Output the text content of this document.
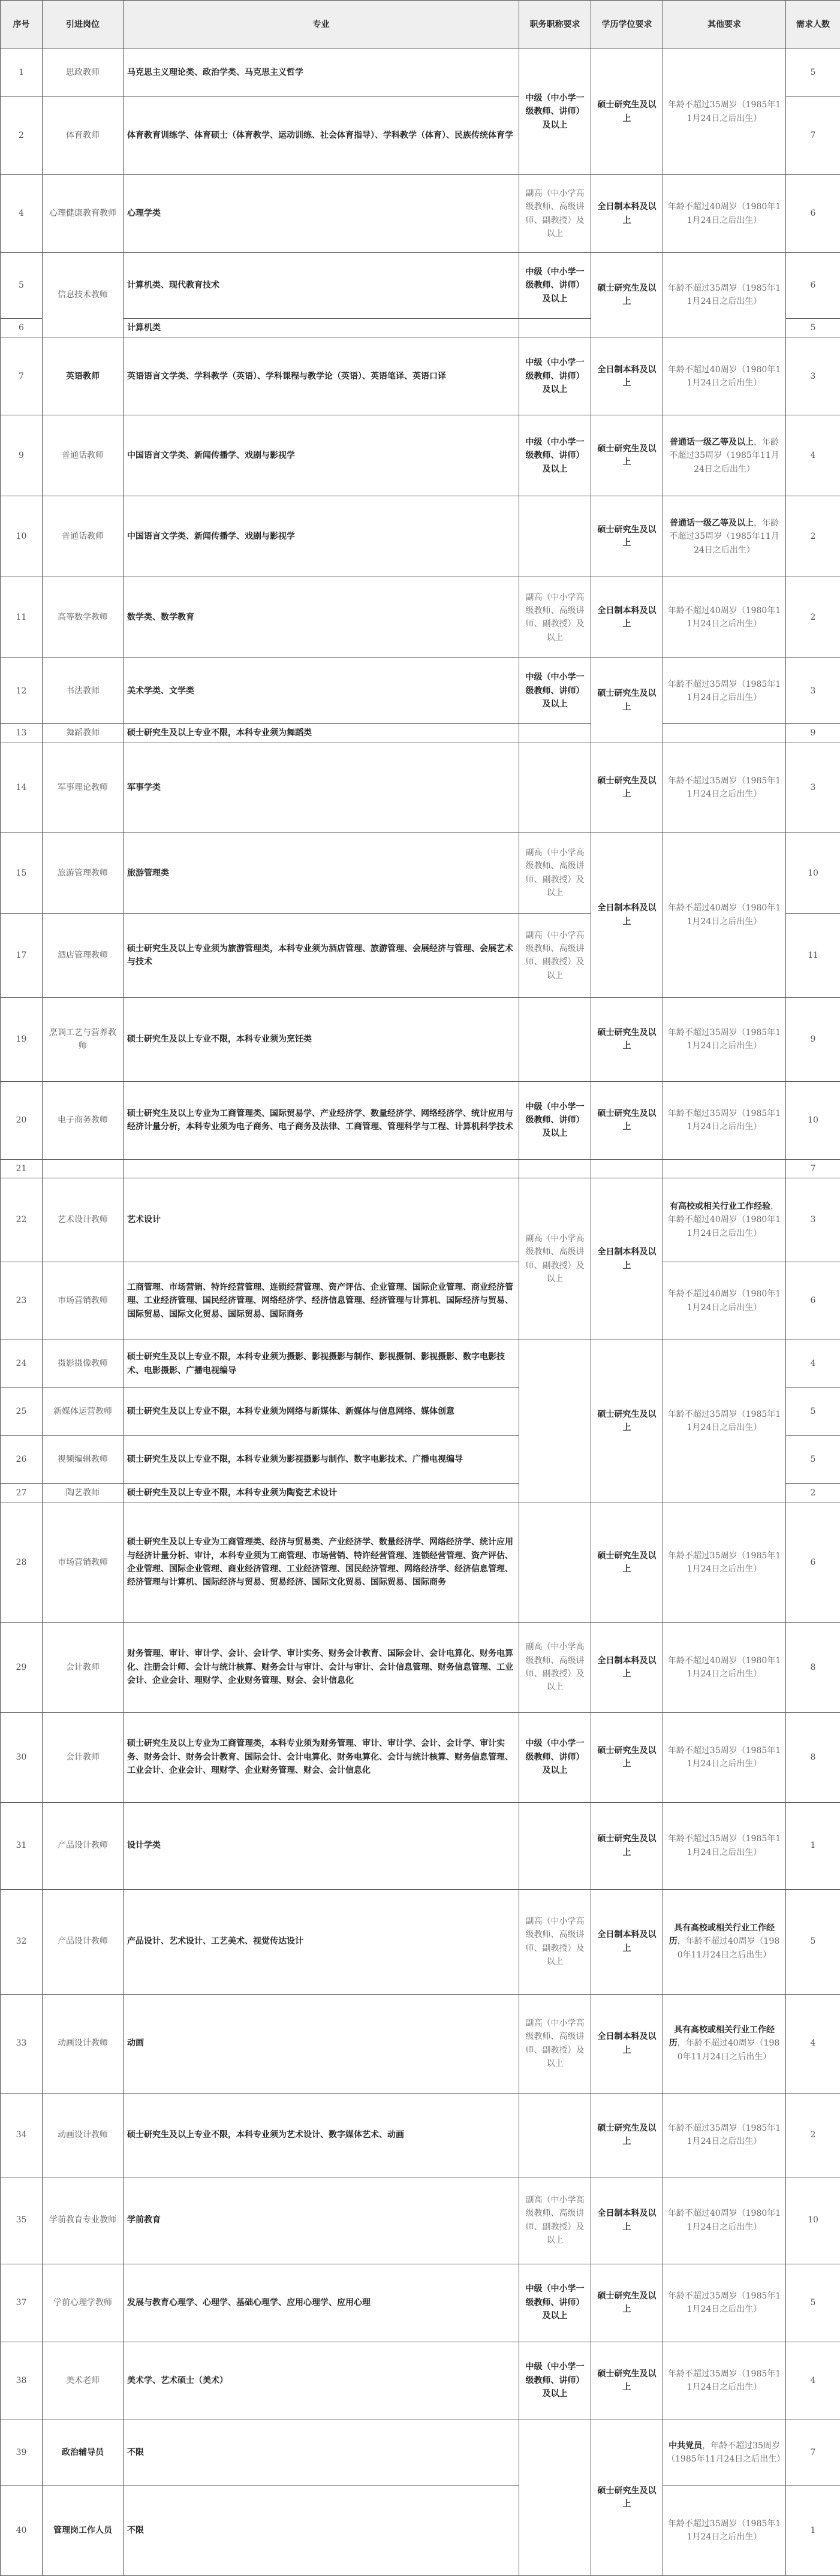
序号	引进岗位	专业	职务职称要求	学历学位要求	其他要求	需求人数
1	思政教师	马克思主义理论类、政治学类、马克思主义哲学	中级（中小学一级教师、讲师）及以上	硕士研究生及以上	年龄不超过35周岁（1985年11月24日之后出生）	5
2	体育教师	体育教育训练学、体育硕士（体育教学、运动训练、社会体育指导）、学科教学（体育）、民族传统体育学				7
4	心理健康教育教师	心理学类	副高（中小学高级教师、高级讲师、副教授）及以上	全日制本科及以上	年龄不超过40周岁（1980年11月24日之后出生）	6
5	信息技术教师	计算机类、现代教育技术	中级（中小学一级教师、讲师）及以上	硕士研究生及以上	年龄不超过35周岁（1985年11月24日之后出生）	6
6		计算机类				5
7	英语教师	英语语言文学类、学科教学（英语）、学科课程与教学论（英语）、英语笔译、英语口译	中级（中小学一级教师、讲师）及以上	全日制本科及以上	年龄不超过40周岁（1980年11月24日之后出生）	3
9	普通话教师	中国语言文学类、新闻传播学、戏剧与影视学	中级（中小学一级教师、讲师）及以上	硕士研究生及以上	普通话一级乙等及以上，年龄不超过35周岁（1985年11月24日之后出生）	4
10	普通话教师	中国语言文学类、新闻传播学、戏剧与影视学		硕士研究生及以上	普通话一级乙等及以上，年龄不超过35周岁（1985年11月24日之后出生）	2
11	高等数学教师	数学类、数学教育	副高（中小学高级教师、高级讲师、副教授）及以上	全日制本科及以上	年龄不超过40周岁（1980年11月24日之后出生）	2
12	书法教师	美术学类、文学类	中级（中小学一级教师、讲师）及以上	硕士研究生及以上	年龄不超过35周岁（1985年11月24日之后出生）	3
13	舞蹈教师	硕士研究生及以上专业不限，本科专业须为舞蹈类				9
14	军事理论教师	军事学类		硕士研究生及以上	年龄不超过35周岁（1985年11月24日之后出生）	3
15	旅游管理教师	旅游管理类	副高（中小学高级教师、高级讲师、副教授）及以上	全日制本科及以上	年龄不超过40周岁（1980年11月24日之后出生）	10
17	酒店管理教师	硕士研究生及以上专业须为旅游管理类，本科专业须为酒店管理、旅游管理、会展经济与管理、会展艺术与技术	副高（中小学高级教师、高级讲师、副教授）及以上			11
19	烹调工艺与营养教师	硕士研究生及以上专业不限，本科专业须为烹饪类		硕士研究生及以上	年龄不超过35周岁（1985年11月24日之后出生）	9
20	电子商务教师	硕士研究生及以上专业为工商管理类、国际贸易学、产业经济学、数量经济学、网络经济学、统计应用与经济计量分析，本科专业须为电子商务、电子商务及法律、工商管理、管理科学与工程、计算机科学技术	中级（中小学一级教师、讲师）及以上	硕士研究生及以上	年龄不超过35周岁（1985年11月24日之后出生）	10
21						7
22	艺术设计教师	艺术设计	副高（中小学高级教师、高级讲师、副教授）及以上	全日制本科及以上	有高校或相关行业工作经验，年龄不超过40周岁（1980年11月24日之后出生）	3
23	市场营销教师	工商管理、市场营销、特许经营管理、连锁经营管理、资产评估、企业管理、国际企业管理、商业经济管理、工业经济管理、国民经济管理、网络经济学、经济信息管理、经济管理与计算机、国际经济与贸易、国际贸易、国际文化贸易、国际贸易、国际商务			年龄不超过40周岁（1980年11月24日之后出生）	6
24	摄影摄像教师	硕士研究生及以上专业不限，本科专业须为摄影、影视摄影与制作、影视摄制、影视摄影、数字电影技术、电影摄影、广播电视编导		硕士研究生及以上	年龄不超过35周岁（1985年11月24日之后出生）	4
25	新媒体运营教师	硕士研究生及以上专业不限，本科专业须为网络与新媒体、新媒体与信息网络、媒体创意				5
26	视频编辑教师	硕士研究生及以上专业不限，本科专业须为影视摄影与制作、数字电影技术、广播电视编导				5
27	陶艺教师	硕士研究生及以上专业不限，本科专业须为陶瓷艺术设计				2
28	市场营销教师	硕士研究生及以上专业为工商管理类、经济与贸易类、产业经济学、数量经济学、网络经济学、统计应用与经济计量分析、审计，本科专业须为工商管理、市场营销、特许经营管理、连锁经营管理、资产评估、企业管理、国际企业管理、商业经济管理、工业经济管理、国民经济管理、网络经济学、经济信息管理、经济管理与计算机、国际经济与贸易、贸易经济、国际文化贸易、国际贸易、国际商务		硕士研究生及以上	年龄不超过35周岁（1985年11月24日之后出生）	6
29	会计教师	财务管理、审计、审计学、会计、会计学、审计实务、财务会计教育、国际会计、会计电算化、财务电算化、注册会计师、会计与统计核算、财务会计与审计、会计与审计、会计信息管理、财务信息管理、工业会计、企业会计、理财学、企业财务管理、财会、会计信息化	副高（中小学高级教师、高级讲师、副教授）及以上	全日制本科及以上	年龄不超过40周岁（1980年11月24日之后出生）	8
30	会计教师	硕士研究生及以上专业为工商管理类，本科专业须为财务管理、审计、审计学、会计、会计学、审计实务、财务会计、财务会计教育、国际会计、会计电算化、财务电算化、会计与统计核算、财务信息管理、工业会计、企业会计、理财学、企业财务管理、财会、会计信息化	中级（中小学一级教师、讲师）及以上	硕士研究生及以上	年龄不超过35周岁（1985年11月24日之后出生）	8
31	产品设计教师	设计学类		硕士研究生及以上	年龄不超过35周岁（1985年11月24日之后出生）	1
32	产品设计教师	产品设计、艺术设计、工艺美术、视觉传达设计	副高（中小学高级教师、高级讲师、副教授）及以上	全日制本科及以上	具有高校或相关行业工作经历，年龄不超过40周岁（1980年11月24日之后出生）	5
33	动画设计教师	动画	副高（中小学高级教师、高级讲师、副教授）及以上	全日制本科及以上	具有高校或相关行业工作经历，年龄不超过40周岁（1980年11月24日之后出生）	4
34	动画设计教师	硕士研究生及以上专业不限，本科专业须为艺术设计、数字媒体艺术、动画		硕士研究生及以上	年龄不超过35周岁（1985年11月24日之后出生）	2
35	学前教育专业教师	学前教育	副高（中小学高级教师、高级讲师、副教授）及以上	全日制本科及以上	年龄不超过40周岁（1980年11月24日之后出生）	10
37	学前心理学教师	发展与教育心理学、心理学、基础心理学、应用心理学、应用心理	中级（中小学一级教师、讲师）及以上	硕士研究生及以上	年龄不超过35周岁（1985年11月24日之后出生）	5
38	美术老师	美术学、艺术硕士（美术）	中级（中小学一级教师、讲师）及以上	硕士研究生及以上	年龄不超过35周岁（1985年11月24日之后出生）	4
39	政治辅导员	不限		硕士研究生及以上	中共党员，年龄不超过35周岁（1985年11月24日之后出生）	7
40	管理岗工作人员	不限			年龄不超过35周岁（1985年11月24日之后出生）	1
